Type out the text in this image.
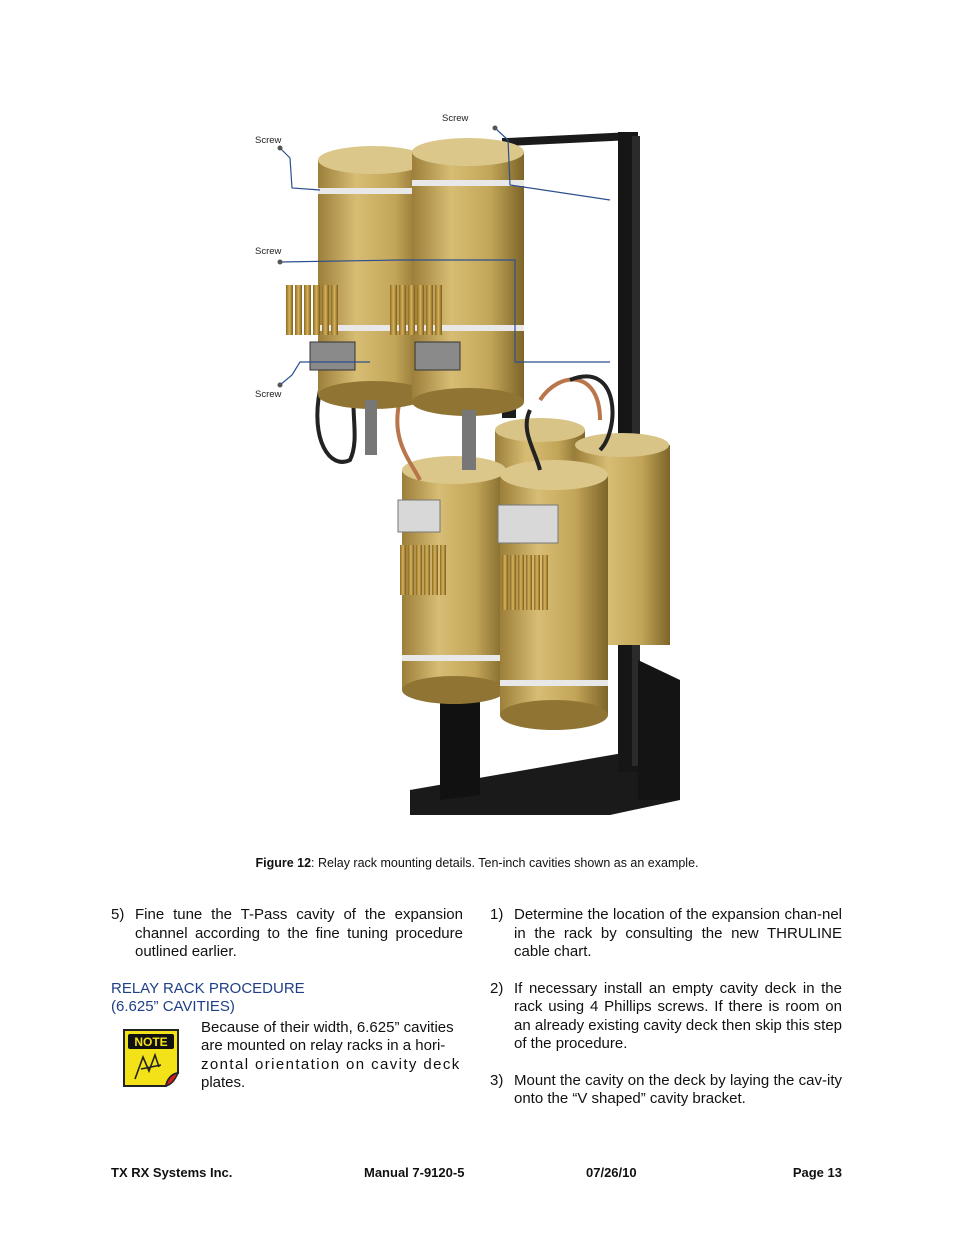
Screw
Screw
Screw
Screw
Figure 12: Relay rack mounting details. Ten-inch cavities shown as an example.
5) Fine tune the T-Pass cavity of the expansion channel according to the fine tuning procedure outlined earlier.
RELAY RACK PROCEDURE
(6.625” CAVITIES)
NOTE
Because of their width, 6.625” cavities
are mounted on relay racks in a hori-
zontal orientation on cavity deck
plates.
1) Determine the location of the expansion chan-nel in the rack by consulting the new THRULINE cable chart.
2) If necessary install an empty cavity deck in the rack using 4 Phillips screws. If there is room on an already existing cavity deck then skip this step of the procedure.
3) Mount the cavity on the deck by laying the cav-ity onto the “V shaped” cavity bracket.
TX RX Systems Inc.	Manual 7-9120-5	07/26/10	Page 13
